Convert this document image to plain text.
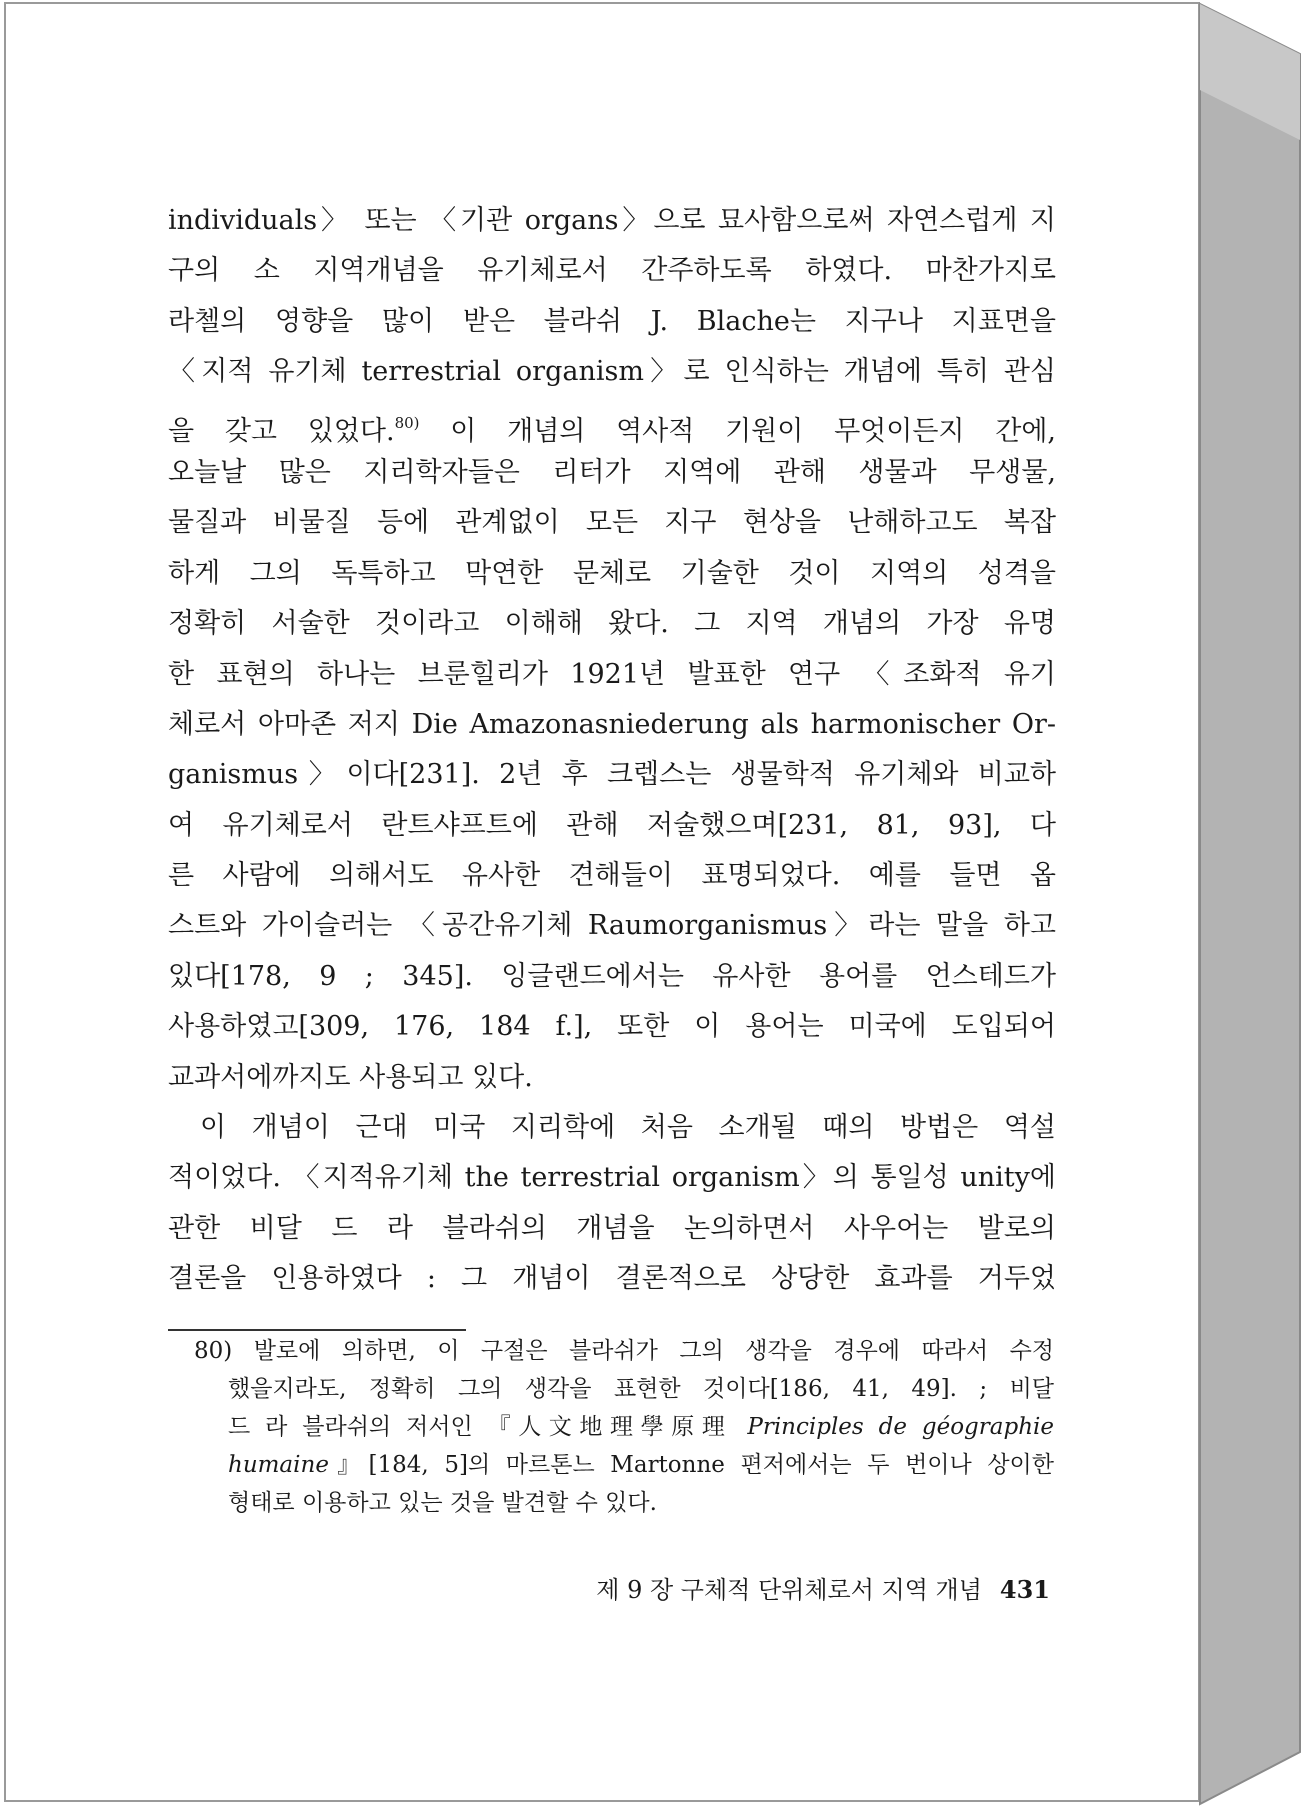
individuals〉 또는 〈기관 organs〉으로 묘사함으로써 자연스럽게 지
구의 소 지역개념을 유기체로서 간주하도록 하였다. 마찬가지로
라첼의 영향을 많이 받은 블라쉬 J. Blache는 지구나 지표면을
〈지적 유기체 terrestrial organism〉로 인식하는 개념에 특히 관심
을 갖고 있었다.$^{80)}$ 이 개념의 역사적 기원이 무엇이든지 간에,
오늘날 많은 지리학자들은 리터가 지역에 관해 생물과 무생물,
물질과 비물질 등에 관계없이 모든 지구 현상을 난해하고도 복잡
하게 그의 독특하고 막연한 문체로 기술한 것이 지역의 성격을
정확히 서술한 것이라고 이해해 왔다. 그 지역 개념의 가장 유명
한 표현의 하나는 브룬힐리가 1921년 발표한 연구 〈조화적 유기
체로서 아마존 저지 Die Amazonasniederung als harmonischer Or-
ganismus〉이다[231]. 2년 후 크렙스는 생물학적 유기체와 비교하
여 유기체로서 란트샤프트에 관해 저술했으며[231, 81, 93], 다
른 사람에 의해서도 유사한 견해들이 표명되었다. 예를 들면 옵
스트와 가이슬러는 〈공간유기체 Raumorganismus〉라는 말을 하고
있다[178, 9 ; 345]. 잉글랜드에서는 유사한 용어를 언스테드가
사용하였고[309, 176, 184 f.], 또한 이 용어는 미국에 도입되어
교과서에까지도 사용되고 있다.
이 개념이 근대 미국 지리학에 처음 소개될 때의 방법은 역설
적이었다. 〈지적유기체 the terrestrial organism〉의 통일성 unity에
관한 비달 드 라 블라쉬의 개념을 논의하면서 사우어는 발로의
결론을 인용하였다 : 그 개념이 결론적으로 상당한 효과를 거두었
80) 발로에 의하면, 이 구절은 블라쉬가 그의 생각을 경우에 따라서 수정
했을지라도, 정확히 그의 생각을 표현한 것이다[186, 41, 49]. ; 비달
드 라 블라쉬의 저서인 『人文地理學原理 Principles de géographie
humaine』[184, 5]의 마르톤느 Martonne 편저에서는 두 번이나 상이한
형태로 이용하고 있는 것을 발견할 수 있다.
제 9 장 구체적 단위체로서 지역 개념 431
